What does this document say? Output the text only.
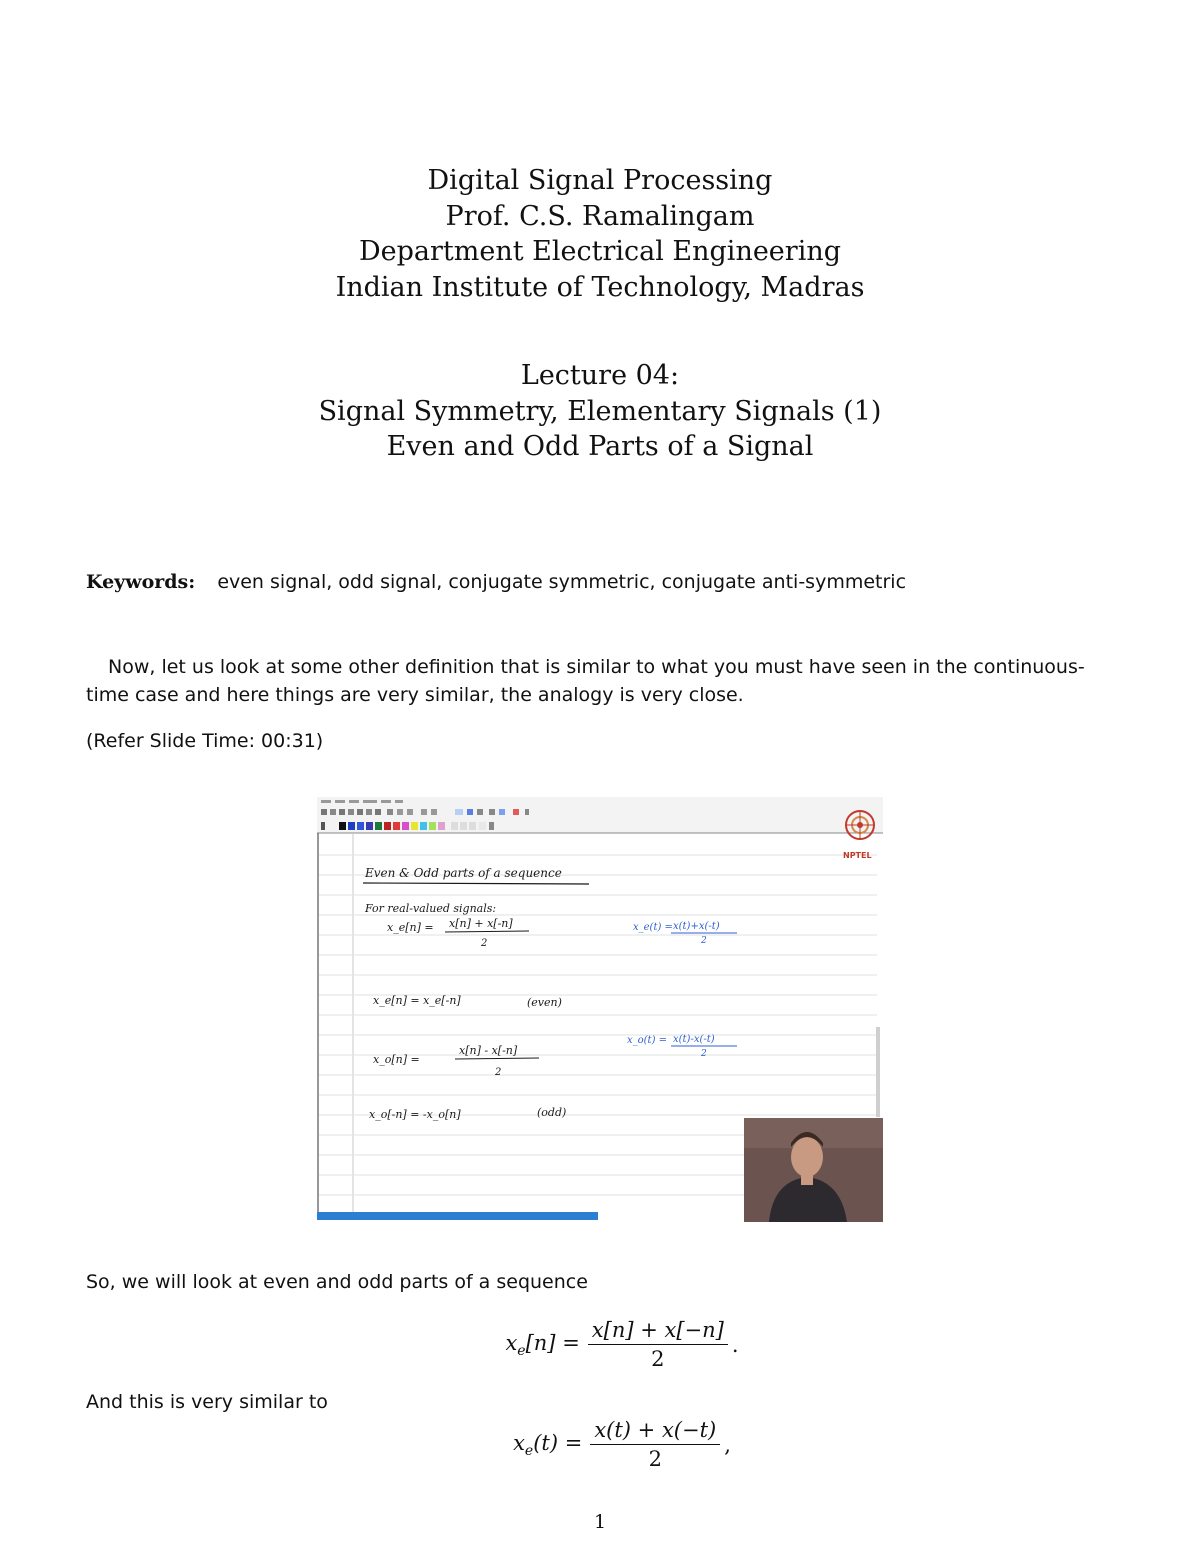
Digital Signal Processing

Prof. C.S. Ramalingam

Department Electrical Engineering

Indian Institute of Technology, Madras

Lecture 04:

Signal Symmetry, Elementary Signals (1)

Even and Odd Parts of a Signal

Keywords: even signal, odd signal, conjugate symmetric, conjugate anti-symmetric
Now, let us look at some other definition that is similar to what you must have seen in the continuous-time case and here things are very similar, the analogy is very close.
(Refer Slide Time: 00:31)
Even & Odd parts of a sequence
For real-valued signals:
x_e[n] = x[n] + x[-n]
2
x_e[n] = x_e[-n]	(even)
x_o[n] =
x[n] - x[-n]
2
x_o[-n] = -x_o[n]	(odd)
x_e(t) = x(t)+x(-t)
2
x_o(t) = x(t)-x(-t)
2
NPTEL
So, we will look at even and odd parts of a sequence
$x_e[n] = \frac{x[n] + x[-n]}{2}$ .
And this is very similar to
$x_e(t) = \frac{x(t) + x(-t)}{2}$ ,
1
